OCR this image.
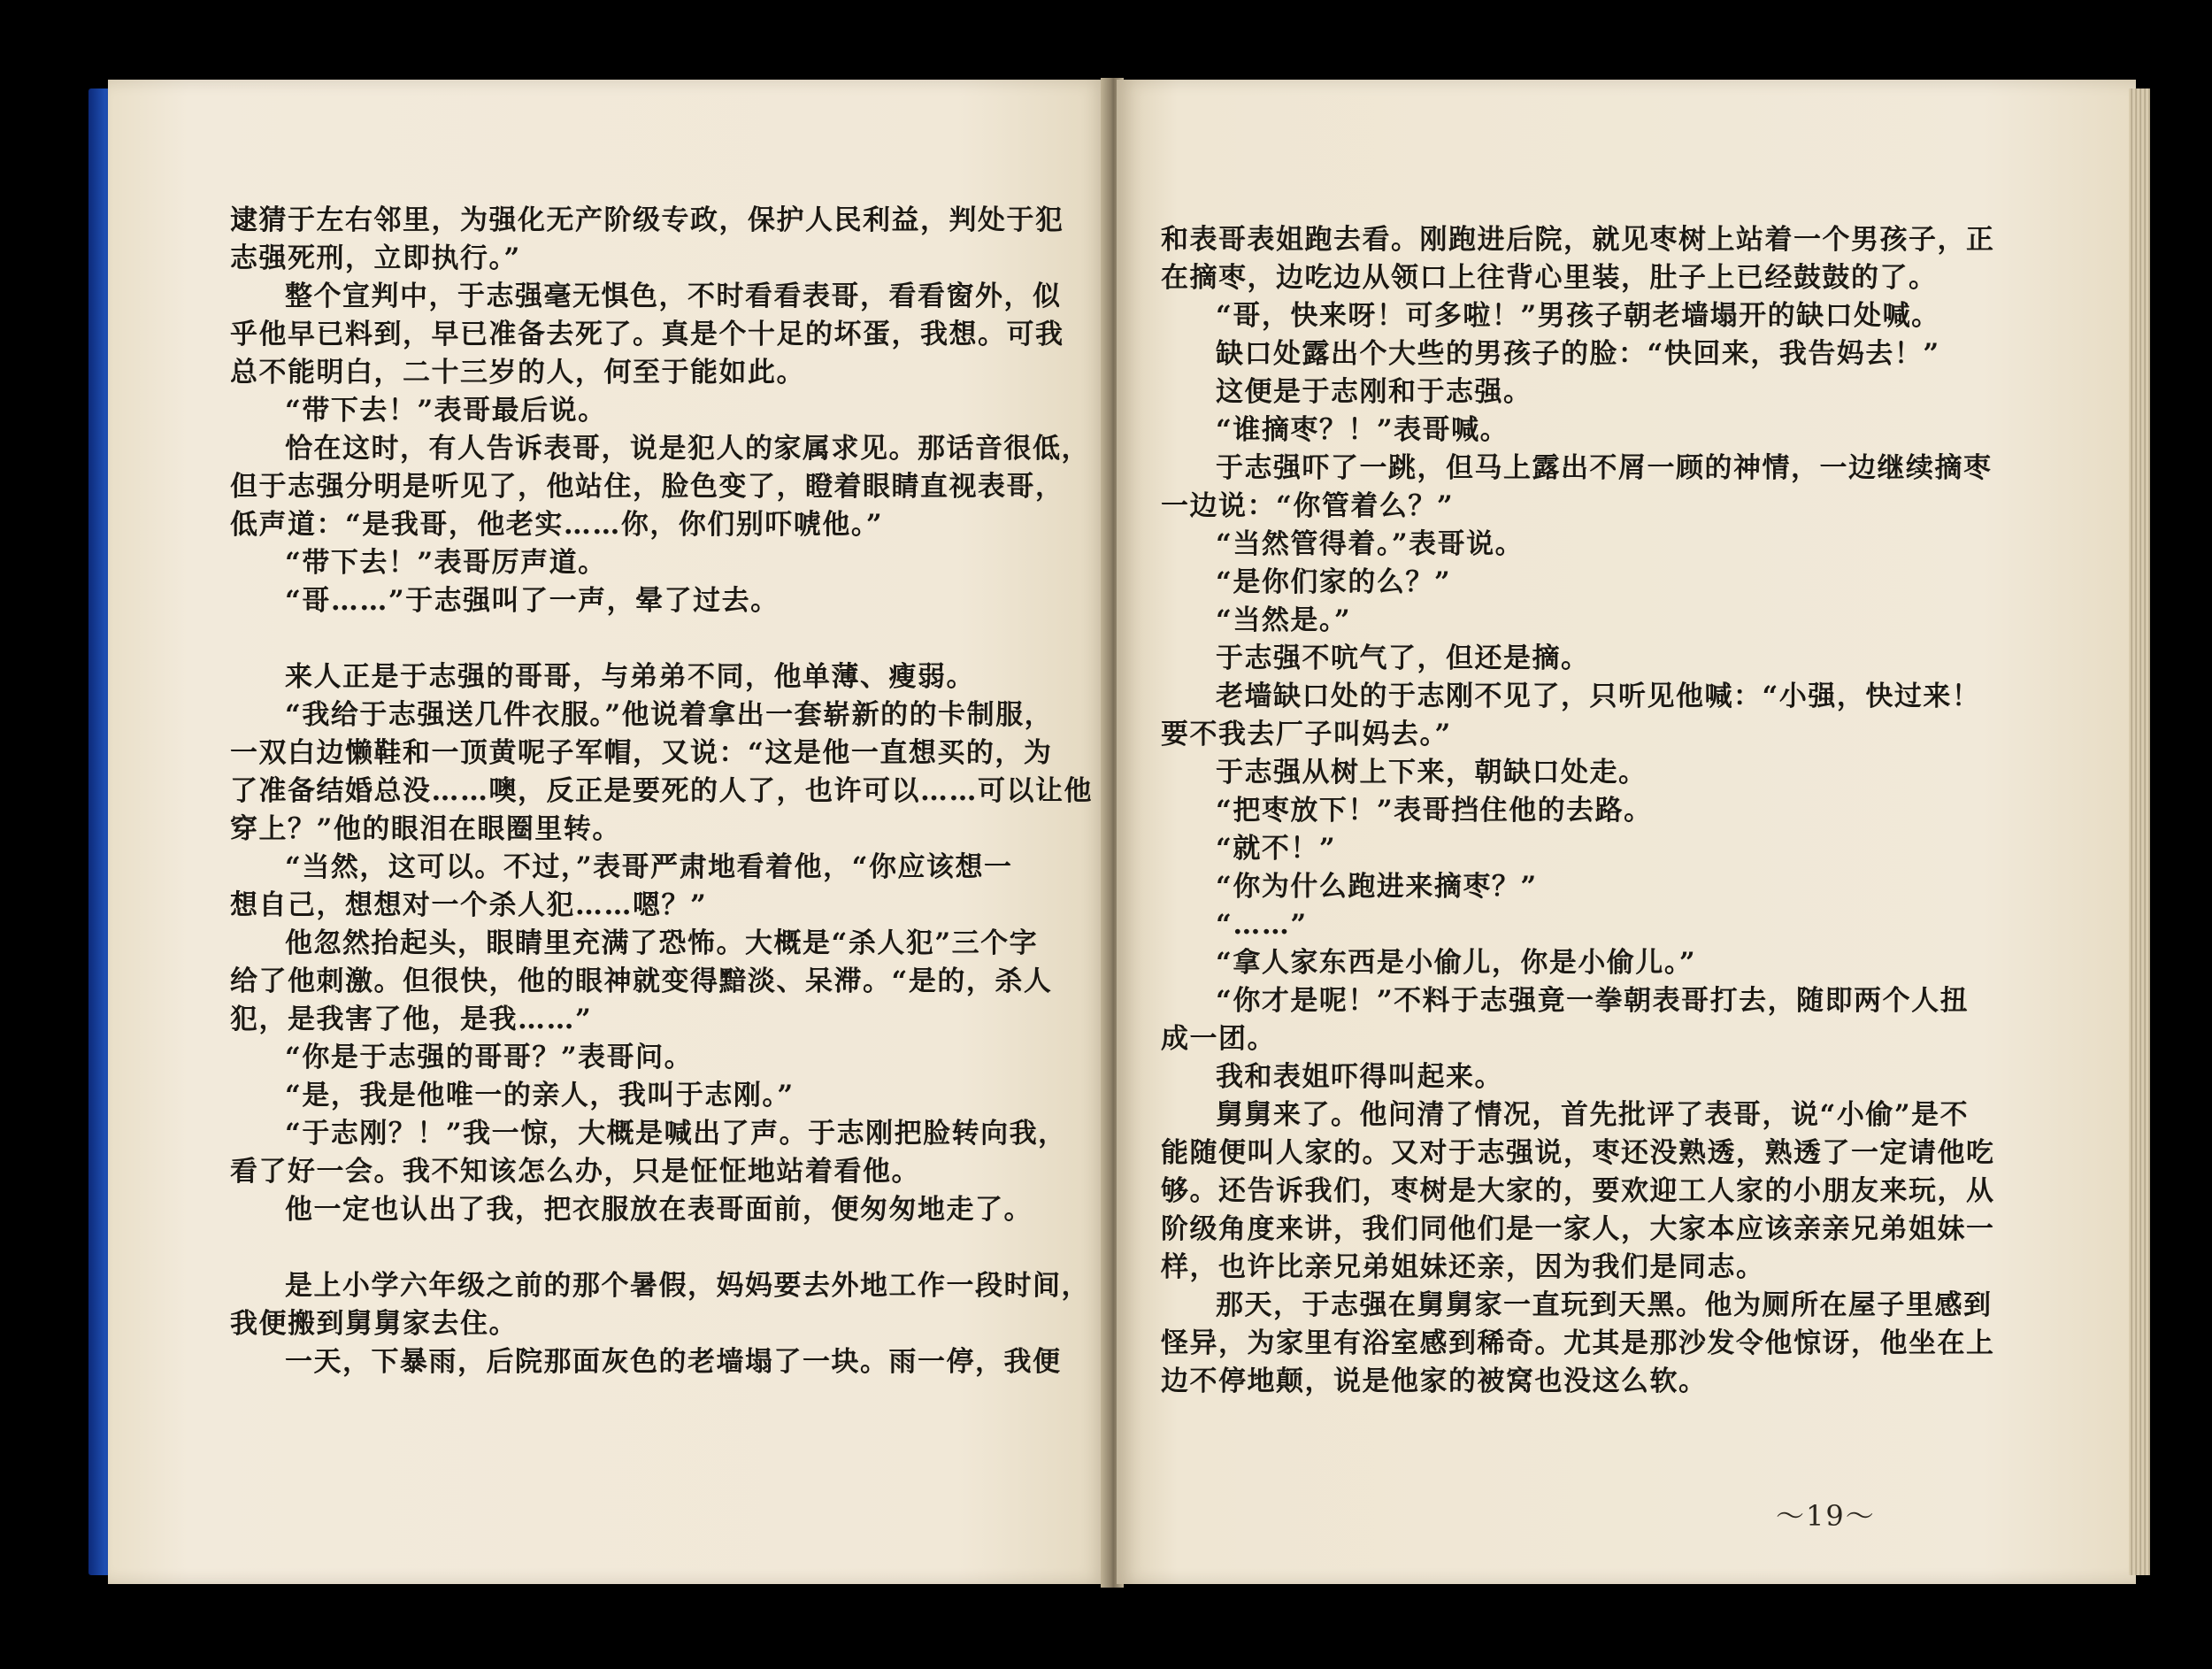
逮猜于左右邻里，为强化无产阶级专政，保护人民利益，判处于犯
志强死刑，立即执行。”
整个宣判中，于志强毫无惧色，不时看看表哥，看看窗外，似
乎他早已料到，早已准备去死了。真是个十足的坏蛋，我想。可我
总不能明白，二十三岁的人，何至于能如此。
“带下去！”表哥最后说。
恰在这时，有人告诉表哥，说是犯人的家属求见。那话音很低，
但于志强分明是听见了，他站住，脸色变了，瞪着眼睛直视表哥，
低声道：“是我哥，他老实……你，你们别吓唬他。”
“带下去！”表哥厉声道。
“哥……”于志强叫了一声，晕了过去。
来人正是于志强的哥哥，与弟弟不同，他单薄、瘦弱。
“我给于志强送几件衣服。”他说着拿出一套崭新的的卡制服，
一双白边懒鞋和一顶黄呢子军帽，又说：“这是他一直想买的，为
了准备结婚总没……噢，反正是要死的人了，也许可以……可以让他
穿上？”他的眼泪在眼圈里转。
“当然，这可以。不过，”表哥严肃地看着他，“你应该想一
想自己，想想对一个杀人犯……嗯？”
他忽然抬起头，眼睛里充满了恐怖。大概是“杀人犯”三个字
给了他刺激。但很快，他的眼神就变得黯淡、呆滞。“是的，杀人
犯，是我害了他，是我……”
“你是于志强的哥哥？”表哥问。
“是，我是他唯一的亲人，我叫于志刚。”
“于志刚？！”我一惊，大概是喊出了声。于志刚把脸转向我，
看了好一会。我不知该怎么办，只是怔怔地站着看他。
他一定也认出了我，把衣服放在表哥面前，便匆匆地走了。
是上小学六年级之前的那个暑假，妈妈要去外地工作一段时间，
我便搬到舅舅家去住。
一天，下暴雨，后院那面灰色的老墙塌了一块。雨一停，我便
和表哥表姐跑去看。刚跑进后院，就见枣树上站着一个男孩子，正
在摘枣，边吃边从领口上往背心里装，肚子上已经鼓鼓的了。
“哥，快来呀！可多啦！”男孩子朝老墙塌开的缺口处喊。
缺口处露出个大些的男孩子的脸：“快回来，我告妈去！”
这便是于志刚和于志强。
“谁摘枣？！”表哥喊。
于志强吓了一跳，但马上露出不屑一顾的神情，一边继续摘枣
一边说：“你管着么？”
“当然管得着。”表哥说。
“是你们家的么？”
“当然是。”
于志强不吭气了，但还是摘。
老墙缺口处的于志刚不见了，只听见他喊：“小强，快过来！
要不我去厂子叫妈去。”
于志强从树上下来，朝缺口处走。
“把枣放下！”表哥挡住他的去路。
“就不！”
“你为什么跑进来摘枣？”
“……”
“拿人家东西是小偷儿，你是小偷儿。”
“你才是呢！”不料于志强竟一拳朝表哥打去，随即两个人扭
成一团。
我和表姐吓得叫起来。
舅舅来了。他问清了情况，首先批评了表哥，说“小偷”是不
能随便叫人家的。又对于志强说，枣还没熟透，熟透了一定请他吃
够。还告诉我们，枣树是大家的，要欢迎工人家的小朋友来玩，从
阶级角度来讲，我们同他们是一家人，大家本应该亲亲兄弟姐妹一
样，也许比亲兄弟姐妹还亲，因为我们是同志。
那天，于志强在舅舅家一直玩到天黑。他为厕所在屋子里感到
怪异，为家里有浴室感到稀奇。尤其是那沙发令他惊讶，他坐在上
边不停地颠，说是他家的被窝也没这么软。
～19～
